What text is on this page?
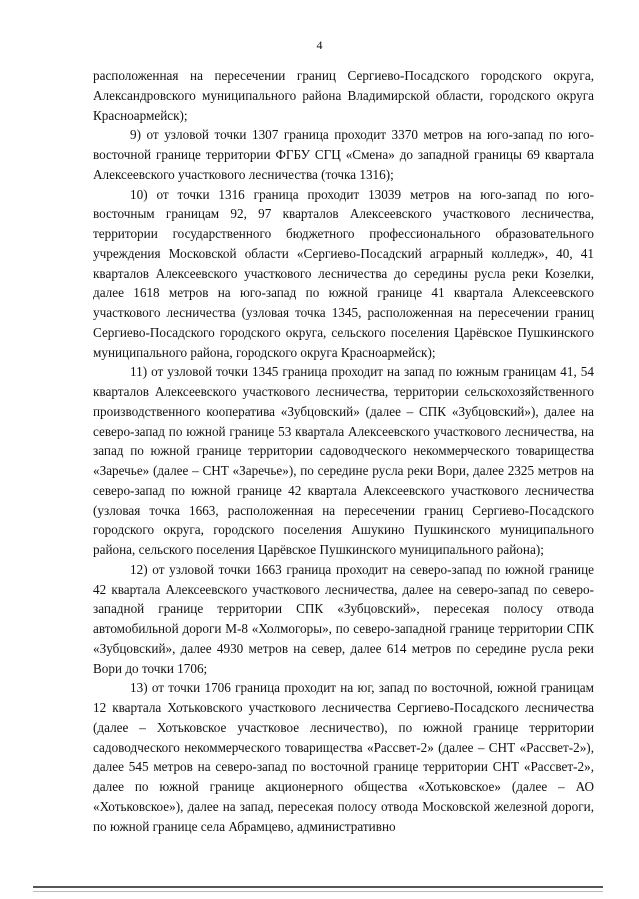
4

расположенная на пересечении границ Сергиево-Посадского городского округа, Александровского муниципального района Владимирской области, городского округа Красноармейск);

9) от узловой точки 1307 граница проходит 3370 метров на юго-запад по юго-восточной границе территории ФГБУ СГЦ «Смена» до западной границы 69 квартала Алексеевского участкового лесничества (точка 1316);

10) от точки 1316 граница проходит 13039 метров на юго-запад по юго-восточным границам 92, 97 кварталов Алексеевского участкового лесничества, территории государственного бюджетного профессионального образовательного учреждения Московской области «Сергиево-Посадский аграрный колледж», 40, 41 кварталов Алексеевского участкового лесничества до середины русла реки Козелки, далее 1618 метров на юго-запад по южной границе 41 квартала Алексеевского участкового лесничества (узловая точка 1345, расположенная на пересечении границ Сергиево-Посадского городского округа, сельского поселения Царёвское Пушкинского муниципального района, городского округа Красноармейск);

11) от узловой точки 1345 граница проходит на запад по южным границам 41, 54 кварталов Алексеевского участкового лесничества, территории сельскохозяйственного производственного кооператива «Зубцовский» (далее – СПК «Зубцовский»), далее на северо-запад по южной границе 53 квартала Алексеевского участкового лесничества, на запад по южной границе территории садоводческого некоммерческого товарищества «Заречье» (далее – СНТ «Заречье»), по середине русла реки Вори, далее 2325 метров на северо-запад по южной границе 42 квартала Алексеевского участкового лесничества (узловая точка 1663, расположенная на пересечении границ Сергиево-Посадского городского округа, городского поселения Ашукино Пушкинского муниципального района, сельского поселения Царёвское Пушкинского муниципального района);

12) от узловой точки 1663 граница проходит на северо-запад по южной границе 42 квартала Алексеевского участкового лесничества, далее на северо-запад по северо-западной границе территории СПК «Зубцовский», пересекая полосу отвода автомобильной дороги М-8 «Холмогоры», по северо-западной границе территории СПК «Зубцовский», далее 4930 метров на север, далее 614 метров по середине русла реки Вори до точки 1706;

13) от точки 1706 граница проходит на юг, запад по восточной, южной границам 12 квартала Хотьковского участкового лесничества Сергиево-Посадского лесничества (далее – Хотьковское участковое лесничество), по южной границе территории садоводческого некоммерческого товарищества «Рассвет-2» (далее – СНТ «Рассвет-2»), далее 545 метров на северо-запад по восточной границе территории СНТ «Рассвет-2», далее по южной границе акционерного общества «Хотьковское» (далее – АО «Хотьковское»), далее на запад, пересекая полосу отвода Московской железной дороги, по южной границе села Абрамцево, административно
